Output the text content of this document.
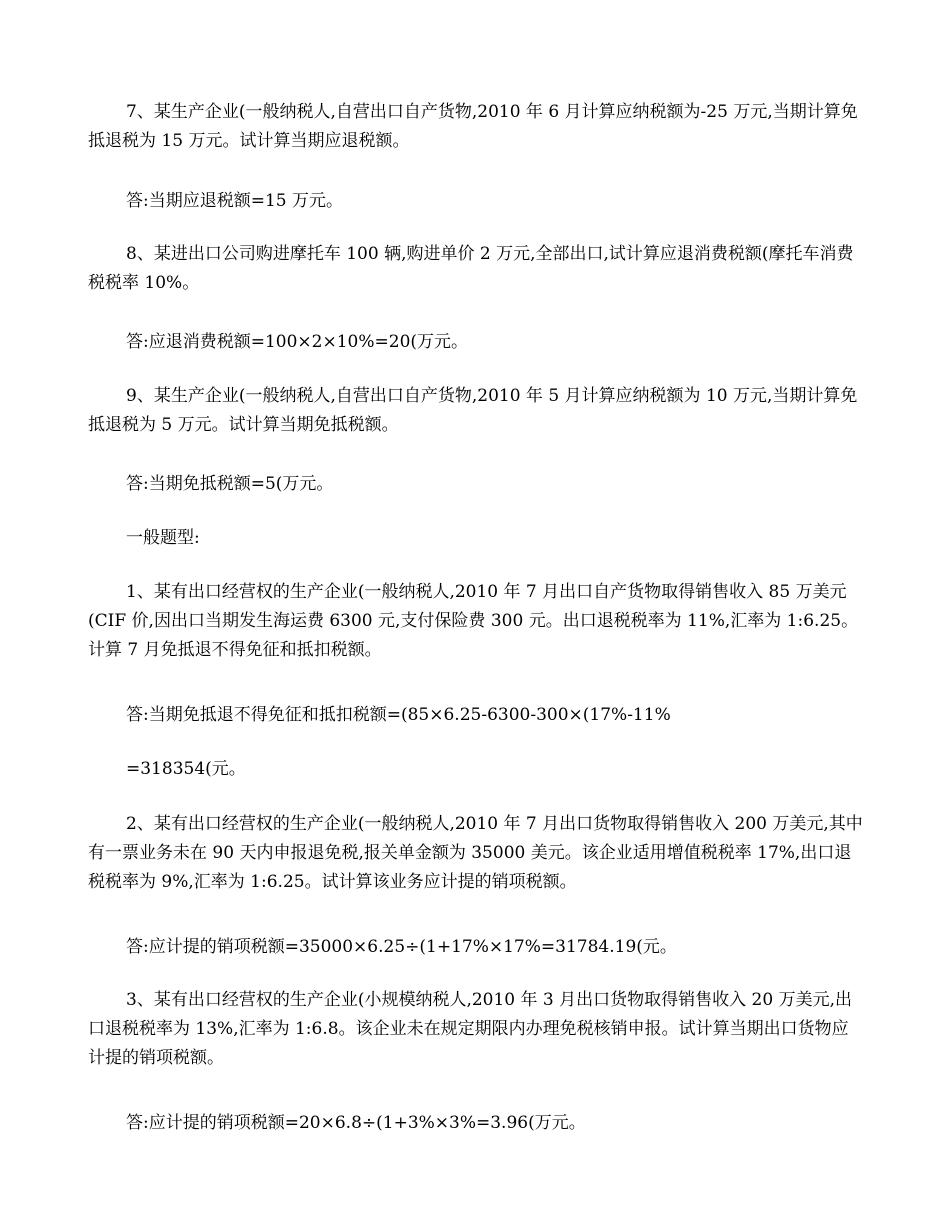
7、某生产企业(一般纳税人,自营出口自产货物,2010 年 6 月计算应纳税额为-25 万元,当期计算免抵退税为 15 万元。试计算当期应退税额。

答:当期应退税额=15 万元。

8、某进出口公司购进摩托车 100 辆,购进单价 2 万元,全部出口,试计算应退消费税额(摩托车消费税税率 10%。

答:应退消费税额=100×2×10%=20(万元。

9、某生产企业(一般纳税人,自营出口自产货物,2010 年 5 月计算应纳税额为 10 万元,当期计算免抵退税为 5 万元。试计算当期免抵税额。

答:当期免抵税额=5(万元。

一般题型:

1、某有出口经营权的生产企业(一般纳税人,2010 年 7 月出口自产货物取得销售收入 85 万美元(CIF 价,因出口当期发生海运费 6300 元,支付保险费 300 元。出口退税税率为 11%,汇率为 1:6.25。计算 7 月免抵退不得免征和抵扣税额。

答:当期免抵退不得免征和抵扣税额=(85×6.25-6300-300×(17%-11%

=318354(元。

2、某有出口经营权的生产企业(一般纳税人,2010 年 7 月出口货物取得销售收入 200 万美元,其中有一票业务未在 90 天内申报退免税,报关单金额为 35000 美元。该企业适用增值税税率 17%,出口退税税率为 9%,汇率为 1:6.25。试计算该业务应计提的销项税额。

答:应计提的销项税额=35000×6.25÷(1+17%×17%=31784.19(元。

3、某有出口经营权的生产企业(小规模纳税人,2010 年 3 月出口货物取得销售收入 20 万美元,出口退税税率为 13%,汇率为 1:6.8。该企业未在规定期限内办理免税核销申报。试计算当期出口货物应计提的销项税额。

答:应计提的销项税额=20×6.8÷(1+3%×3%=3.96(万元。
